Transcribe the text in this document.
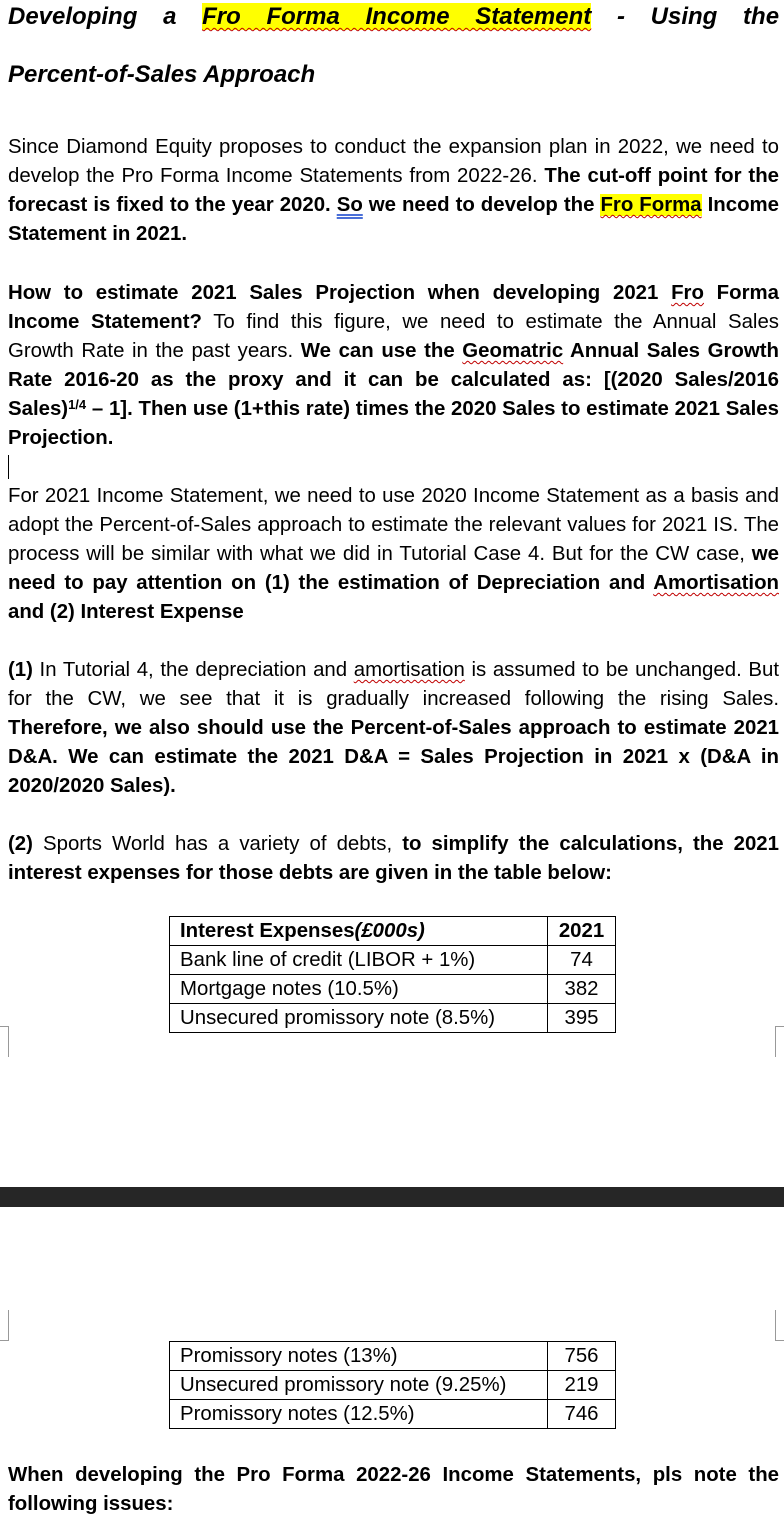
Developing a Fro Forma Income Statement - Using the

Percent-of-Sales Approach

Since Diamond Equity proposes to conduct the expansion plan in 2022, we need to develop the Pro Forma Income Statements from 2022-26. The cut-off point for the forecast is fixed to the year 2020. So we need to develop the Fro Forma Income Statement in 2021.

How to estimate 2021 Sales Projection when developing 2021 Fro Forma Income Statement? To find this figure, we need to estimate the Annual Sales Growth Rate in the past years. We can use the Geomatric Annual Sales Growth Rate 2016-20 as the proxy and it can be calculated as: [(2020 Sales/2016 Sales)$^{1/4}$ – 1]. Then use (1+this rate) times the 2020 Sales to estimate 2021 Sales Projection.

For 2021 Income Statement, we need to use 2020 Income Statement as a basis and adopt the Percent-of-Sales approach to estimate the relevant values for 2021 IS. The process will be similar with what we did in Tutorial Case 4. But for the CW case, we need to pay attention on (1) the estimation of Depreciation and Amortisation and (2) Interest Expense

(1) In Tutorial 4, the depreciation and amortisation is assumed to be unchanged. But for the CW, we see that it is gradually increased following the rising Sales. Therefore, we also should use the Percent-of-Sales approach to estimate 2021 D&A. We can estimate the 2021 D&A = Sales Projection in 2021 x (D&A in 2020/2020 Sales).

(2) Sports World has a variety of debts, to simplify the calculations, the 2021 interest expenses for those debts are given in the table below:

Interest Expenses(£000s)	2021
Bank line of credit (LIBOR + 1%)	74
Mortgage notes (10.5%)	382
Unsecured promissory note (8.5%)	395
Promissory notes (13%)	756
Unsecured promissory note (9.25%)	219
Promissory notes (12.5%)	746

When developing the Pro Forma 2022-26 Income Statements, pls note the following issues:
